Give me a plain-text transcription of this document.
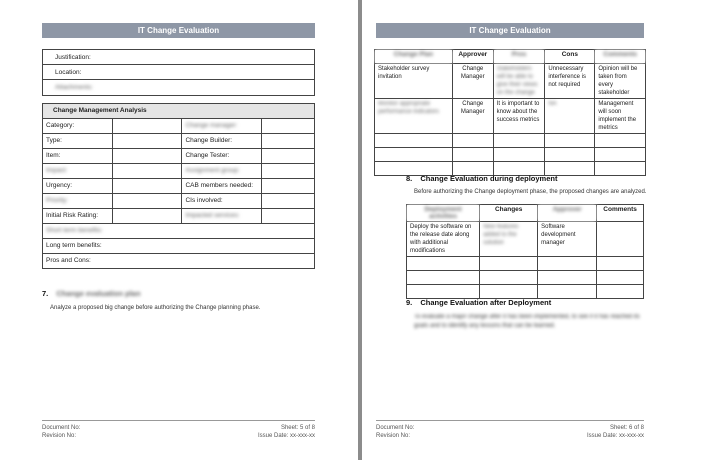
IT Change Evaluation
Justification:
Location:
Attachments:
Change Management Analysis			
Category:		Change manager:	
Type:		Change Builder:	
Item:		Change Tester:	
Impact:		Assignment group:	
Urgency:		CAB members needed:	
Priority:		CIs involved:	
Initial Risk Rating:		Impacted services:	
Short term benefits:			
Long term benefits:			
Pros and Cons:			
7. Change evaluation plan
Analyze a proposed big change before authorizing the Change planning phase.
Document No:
Revision No:
Sheet: 5 of 8
Issue Date: xx-xxx-xx
IT Change Evaluation
Change Plan	Approver	Pros	Cons	Comments
Stakeholder survey invitation	Change Manager	Stakeholders will be able to give their views on the change	Unnecessary interference is not required	Opinion will be taken from every stakeholder
Monitor appropriate performance indicators	Change Manager	It is important to know about the success metrics	NA	Management will soon implement the metrics

8. Change Evaluation during deployment
Before authorizing the Change deployment phase, the proposed changes are analyzed.
Deployment activities	Changes	Approver	Comments
Deploy the software on the release date along with additional modifications	New features added to the solution	Software development manager	

9. Change Evaluation after Deployment
To evaluate a major change after it has been implemented, to see if it has reached its goals and to identify any lessons that can be learned.
Document No:
Revision No:
Sheet: 6 of 8
Issue Date: xx-xxx-xx
